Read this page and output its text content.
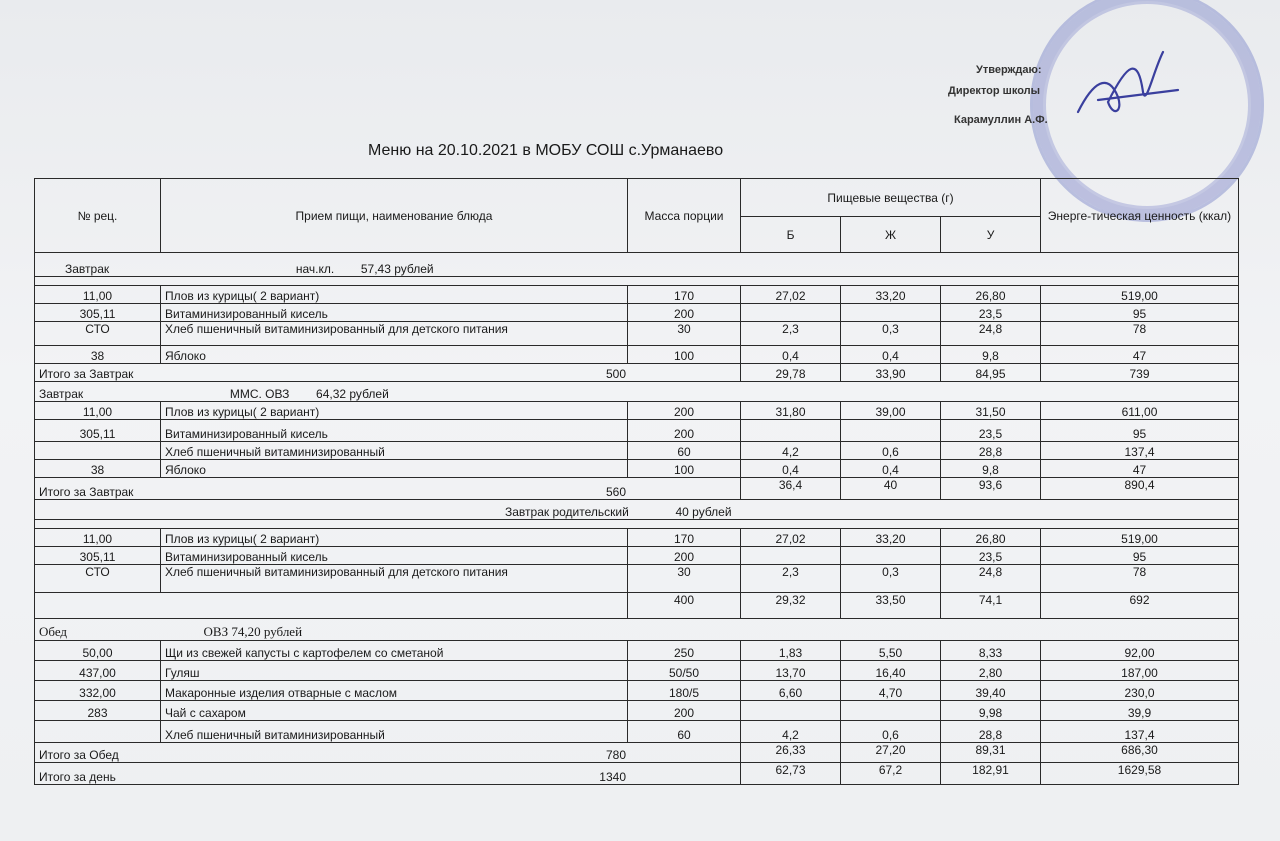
Утверждаю:
Директор школы
Карамуллин А.Ф.
Меню на 20.10.2021 в МОБУ СОШ с.Урманаево
№ рец.	Прием пищи, наименование блюда	Масса порции	Пищевые вещества (г)			Энерге-тическая ценность (ккал)
			Б	Ж	У	
Завтрак нач.кл. 57,43 рублей						

11,00	Плов из курицы( 2 вариант)	170	27,02	33,20	26,80	519,00
305,11	Витаминизированный кисель	200			23,5	95
СТО	Хлеб пшеничный витаминизированный для детского питания	30	2,3	0,3	24,8	78
38	Яблоко	100	0,4	0,4	9,8	47

Итого за Завтрак 500			29,78	33,90	84,95	739
Завтрак ММС. ОВЗ 64,32 рублей						
11,00	Плов из курицы( 2 вариант)	200	31,80	39,00	31,50	611,00
305,11	Витаминизированный кисель	200			23,5	95
	Хлеб пшеничный витаминизированный	60	4,2	0,6	28,8	137,4
38	Яблоко	100	0,4	0,4	9,8	47

Итого за Завтрак 560			36,4	40	93,6	890,4
Завтрак родительский 40 рублей						

11,00	Плов из курицы( 2 вариант)	170	27,02	33,20	26,80	519,00
305,11	Витаминизированный кисель	200			23,5	95
СТО	Хлеб пшеничный витаминизированный для детского питания	30	2,3	0,3	24,8	78
		400	29,32	33,50	74,1	692
Обед ОВЗ 74,20 рублей						
50,00	Щи из свежей капусты с картофелем со сметаной	250	1,83	5,50	8,33	92,00
437,00	Гуляш	50/50	13,70	16,40	2,80	187,00
332,00	Макаронные изделия отварные с маслом	180/5	6,60	4,70	39,40	230,0
283	Чай с сахаром	200			9,98	39,9
	Хлеб пшеничный витаминизированный	60	4,2	0,6	28,8	137,4

Итого за Обед 780			26,33	27,20	89,31	686,30

Итого за день 1340			62,73	67,2	182,91	1629,58
